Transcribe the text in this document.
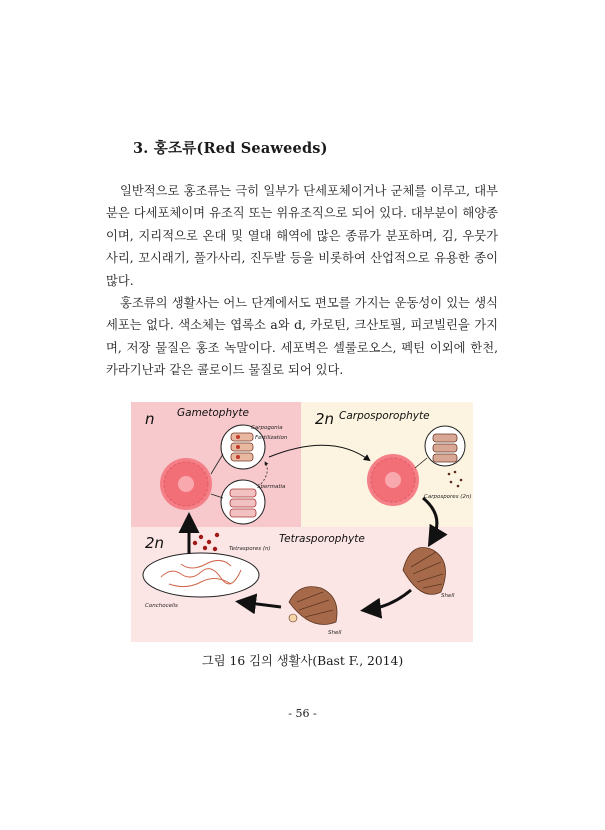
3. 홍조류(Red Seaweeds)

일반적으로 홍조류는 극히 일부가 단세포체이거나 군체를 이루고, 대부분은 다세포체이며 유조직 또는 위유조직으로 되어 있다. 대부분이 해양종이며, 지리적으로 온대 및 열대 해역에 많은 종류가 분포하며, 김, 우뭇가사리, 꼬시래기, 풀가사리, 진두발 등을 비롯하여 산업적으로 유용한 종이 많다.

홍조류의 생활사는 어느 단계에서도 편모를 가지는 운동성이 있는 생식 세포는 없다. 색소체는 엽록소 a와 d, 카로틴, 크산토필, 피코빌린을 가지며, 저장 물질은 홍조 녹말이다. 세포벽은 셀룰로오스, 펙틴 이외에 한천, 카라기난과 같은 콜로이드 물질로 되어 있다.

n Gametophyte	2n Carposporophyte
2n	Tetrasporophyte
Carpogonia
Fertilization
Spermatia
Carpospores (2n)
Shell
Shell
Conchocelis
Tetraspores (n)
그림 16 김의 생활사(Bast F., 2014)
- 56 -
